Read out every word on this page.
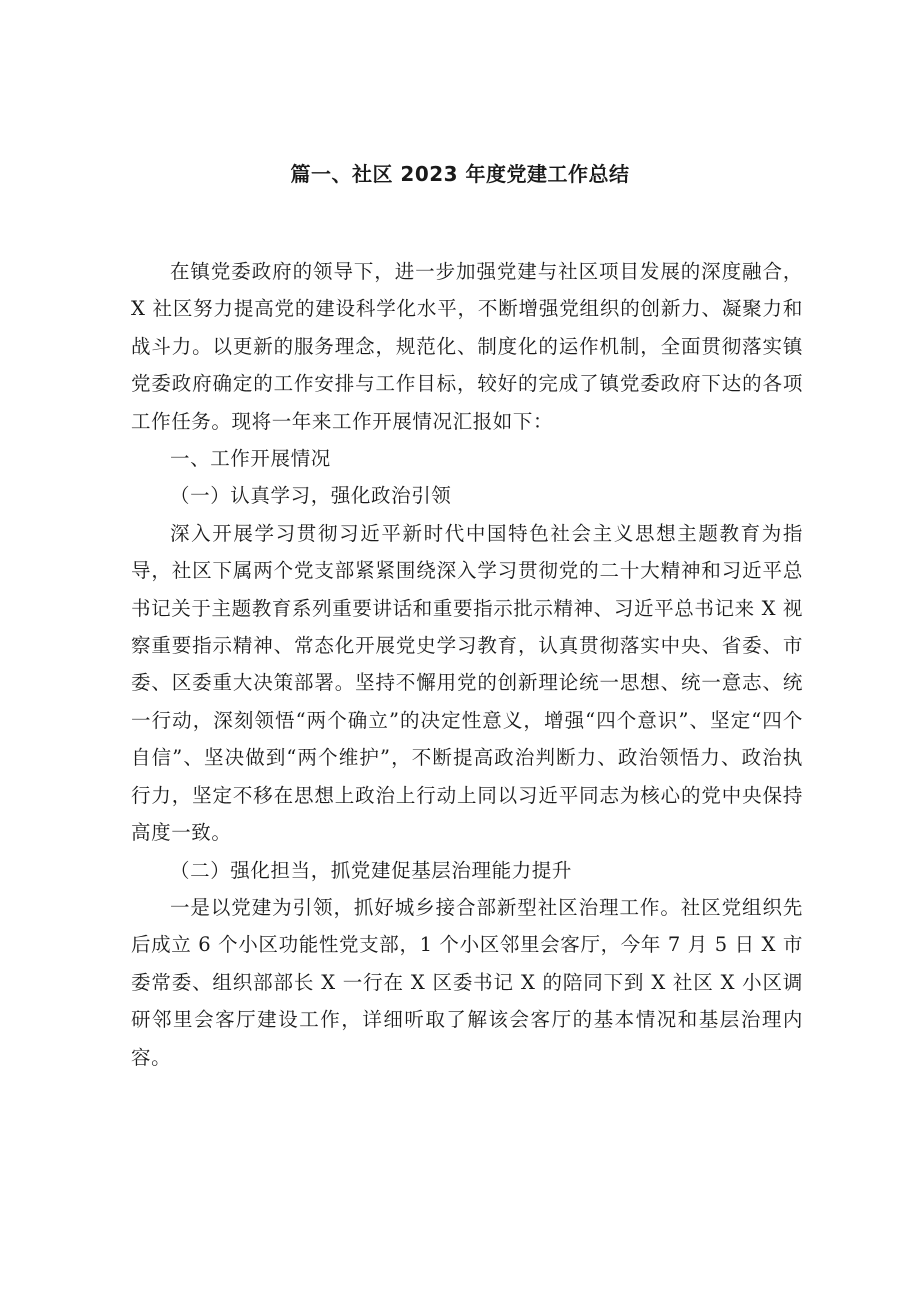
篇一、社区 2023 年度党建工作总结

在镇党委政府的领导下，进一步加强党建与社区项目发展的深度融合，X 社区努力提高党的建设科学化水平，不断增强党组织的创新力、凝聚力和战斗力。以更新的服务理念，规范化、制度化的运作机制，全面贯彻落实镇党委政府确定的工作安排与工作目标，较好的完成了镇党委政府下达的各项工作任务。现将一年来工作开展情况汇报如下：

一、工作开展情况

（一）认真学习，强化政治引领

深入开展学习贯彻习近平新时代中国特色社会主义思想主题教育为指导，社区下属两个党支部紧紧围绕深入学习贯彻党的二十大精神和习近平总书记关于主题教育系列重要讲话和重要指示批示精神、习近平总书记来 X 视察重要指示精神、常态化开展党史学习教育，认真贯彻落实中央、省委、市委、区委重大决策部署。坚持不懈用党的创新理论统一思想、统一意志、统一行动，深刻领悟“两个确立”的决定性意义，增强“四个意识”、坚定“四个自信”、坚决做到“两个维护”，不断提高政治判断力、政治领悟力、政治执行力，坚定不移在思想上政治上行动上同以习近平同志为核心的党中央保持高度一致。

（二）强化担当，抓党建促基层治理能力提升

一是以党建为引领，抓好城乡接合部新型社区治理工作。社区党组织先后成立 6 个小区功能性党支部，1 个小区邻里会客厅，今年 7 月 5 日 X 市委常委、组织部部长 X 一行在 X 区委书记 X 的陪同下到 X 社区 X 小区调研邻里会客厅建设工作，详细听取了解该会客厅的基本情况和基层治理内容。
